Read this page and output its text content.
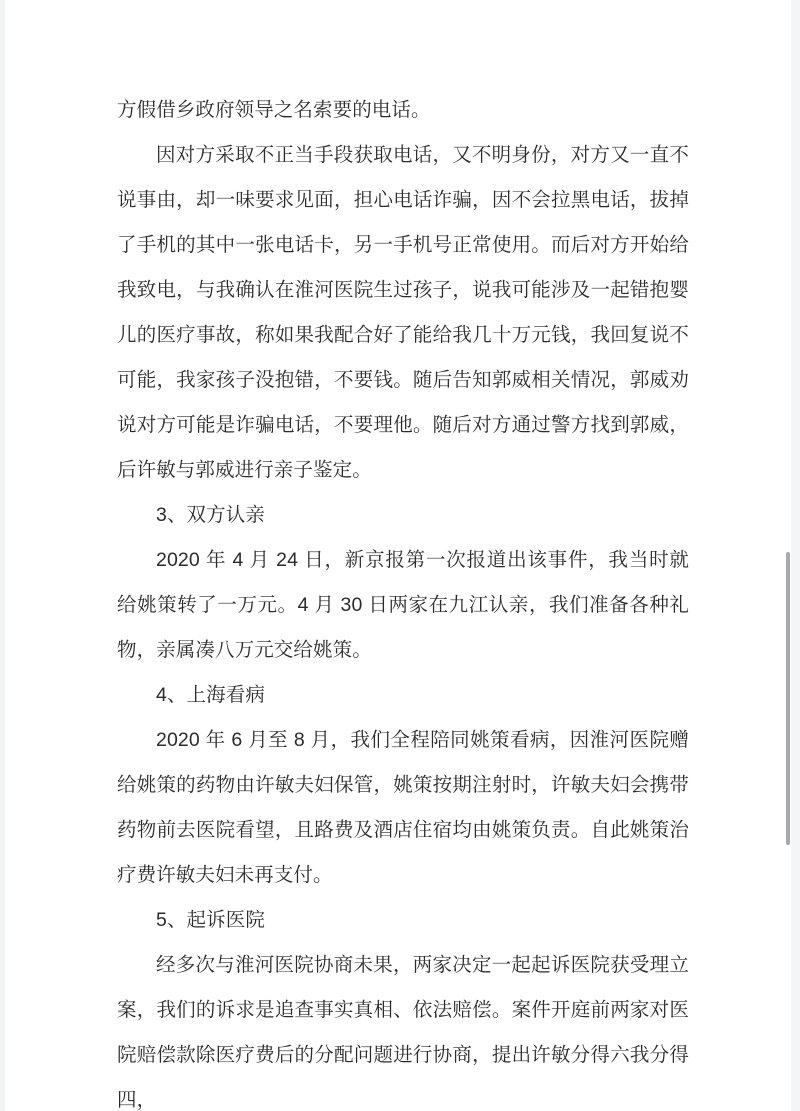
方假借乡政府领导之名索要的电话。

因对方采取不正当手段获取电话，又不明身份，对方又一直不说事由，却一味要求见面，担心电话诈骗，因不会拉黑电话，拔掉了手机的其中一张电话卡，另一手机号正常使用。而后对方开始给我致电，与我确认在淮河医院生过孩子，说我可能涉及一起错抱婴儿的医疗事故，称如果我配合好了能给我几十万元钱，我回复说不可能，我家孩子没抱错，不要钱。随后告知郭威相关情况，郭威劝说对方可能是诈骗电话，不要理他。随后对方通过警方找到郭威，后许敏与郭威进行亲子鉴定。

3、双方认亲

2020 年 4 月 24 日，新京报第一次报道出该事件，我当时就给姚策转了一万元。4 月 30 日两家在九江认亲，我们准备各种礼物，亲属凑八万元交给姚策。

4、上海看病

2020 年 6 月至 8 月，我们全程陪同姚策看病，因淮河医院赠给姚策的药物由许敏夫妇保管，姚策按期注射时，许敏夫妇会携带药物前去医院看望，且路费及酒店住宿均由姚策负责。自此姚策治疗费许敏夫妇未再支付。

5、起诉医院

经多次与淮河医院协商未果，两家决定一起起诉医院获受理立案，我们的诉求是追查事实真相、依法赔偿。案件开庭前两家对医院赔偿款除医疗费后的分配问题进行协商，提出许敏分得六我分得四，
